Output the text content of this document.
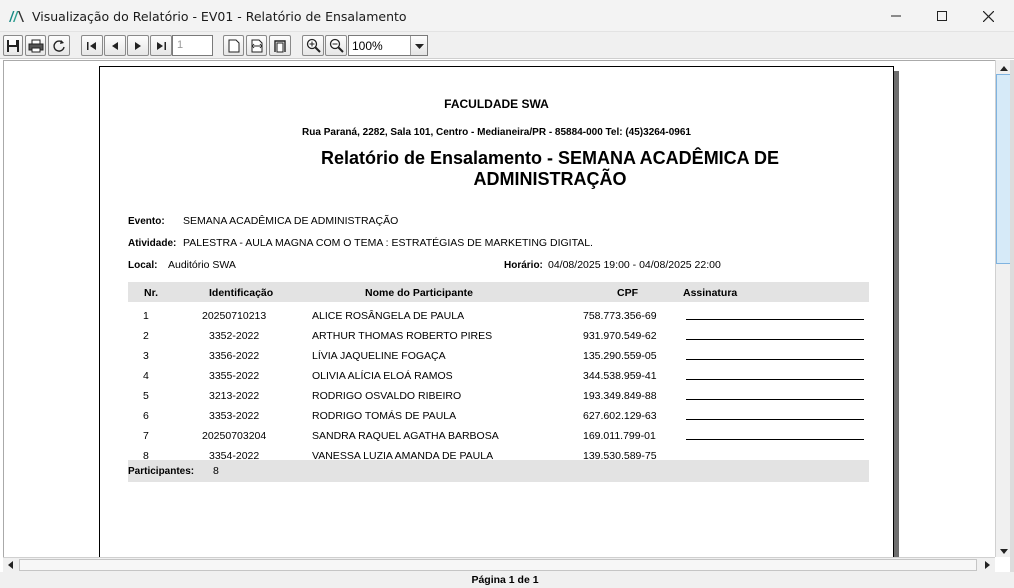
Visualização do Relatório - EV01 - Relatório de Ensalamento
1	100%
FACULDADE SWA
Rua Paraná, 2282, Sala 101, Centro - Medianeira/PR - 85884-000 Tel: (45)3264-0961
Relatório de Ensalamento - SEMANA ACADÊMICA DE ADMINISTRAÇÃO
Evento: SEMANA ACADÊMICA DE ADMINISTRAÇÃO
Atividade: PALESTRA - AULA MAGNA COM O TEMA : ESTRATÉGIAS DE MARKETING DIGITAL.
Local: Auditório SWA	Horário: 04/08/2025 19:00 - 04/08/2025 22:00
Nr.	Identificação	Nome do Participante	CPF	Assinatura
1	20250710213	ALICE ROSÂNGELA DE PAULA	758.773.356-69
2	3352-2022	ARTHUR THOMAS ROBERTO PIRES	931.970.549-62
3	3356-2022	LÍVIA JAQUELINE FOGAÇA	135.290.559-05
4	3355-2022	OLIVIA ALÍCIA ELOÁ RAMOS	344.538.959-41
5	3213-2022	RODRIGO OSVALDO RIBEIRO	193.349.849-88
6	3353-2022	RODRIGO TOMÁS DE PAULA	627.602.129-63
7	20250703204	SANDRA RAQUEL AGATHA BARBOSA	169.011.799-01
8	3354-2022	VANESSA LUZIA AMANDA DE PAULA	139.530.589-75
Participantes: 8
Página 1 de 1
